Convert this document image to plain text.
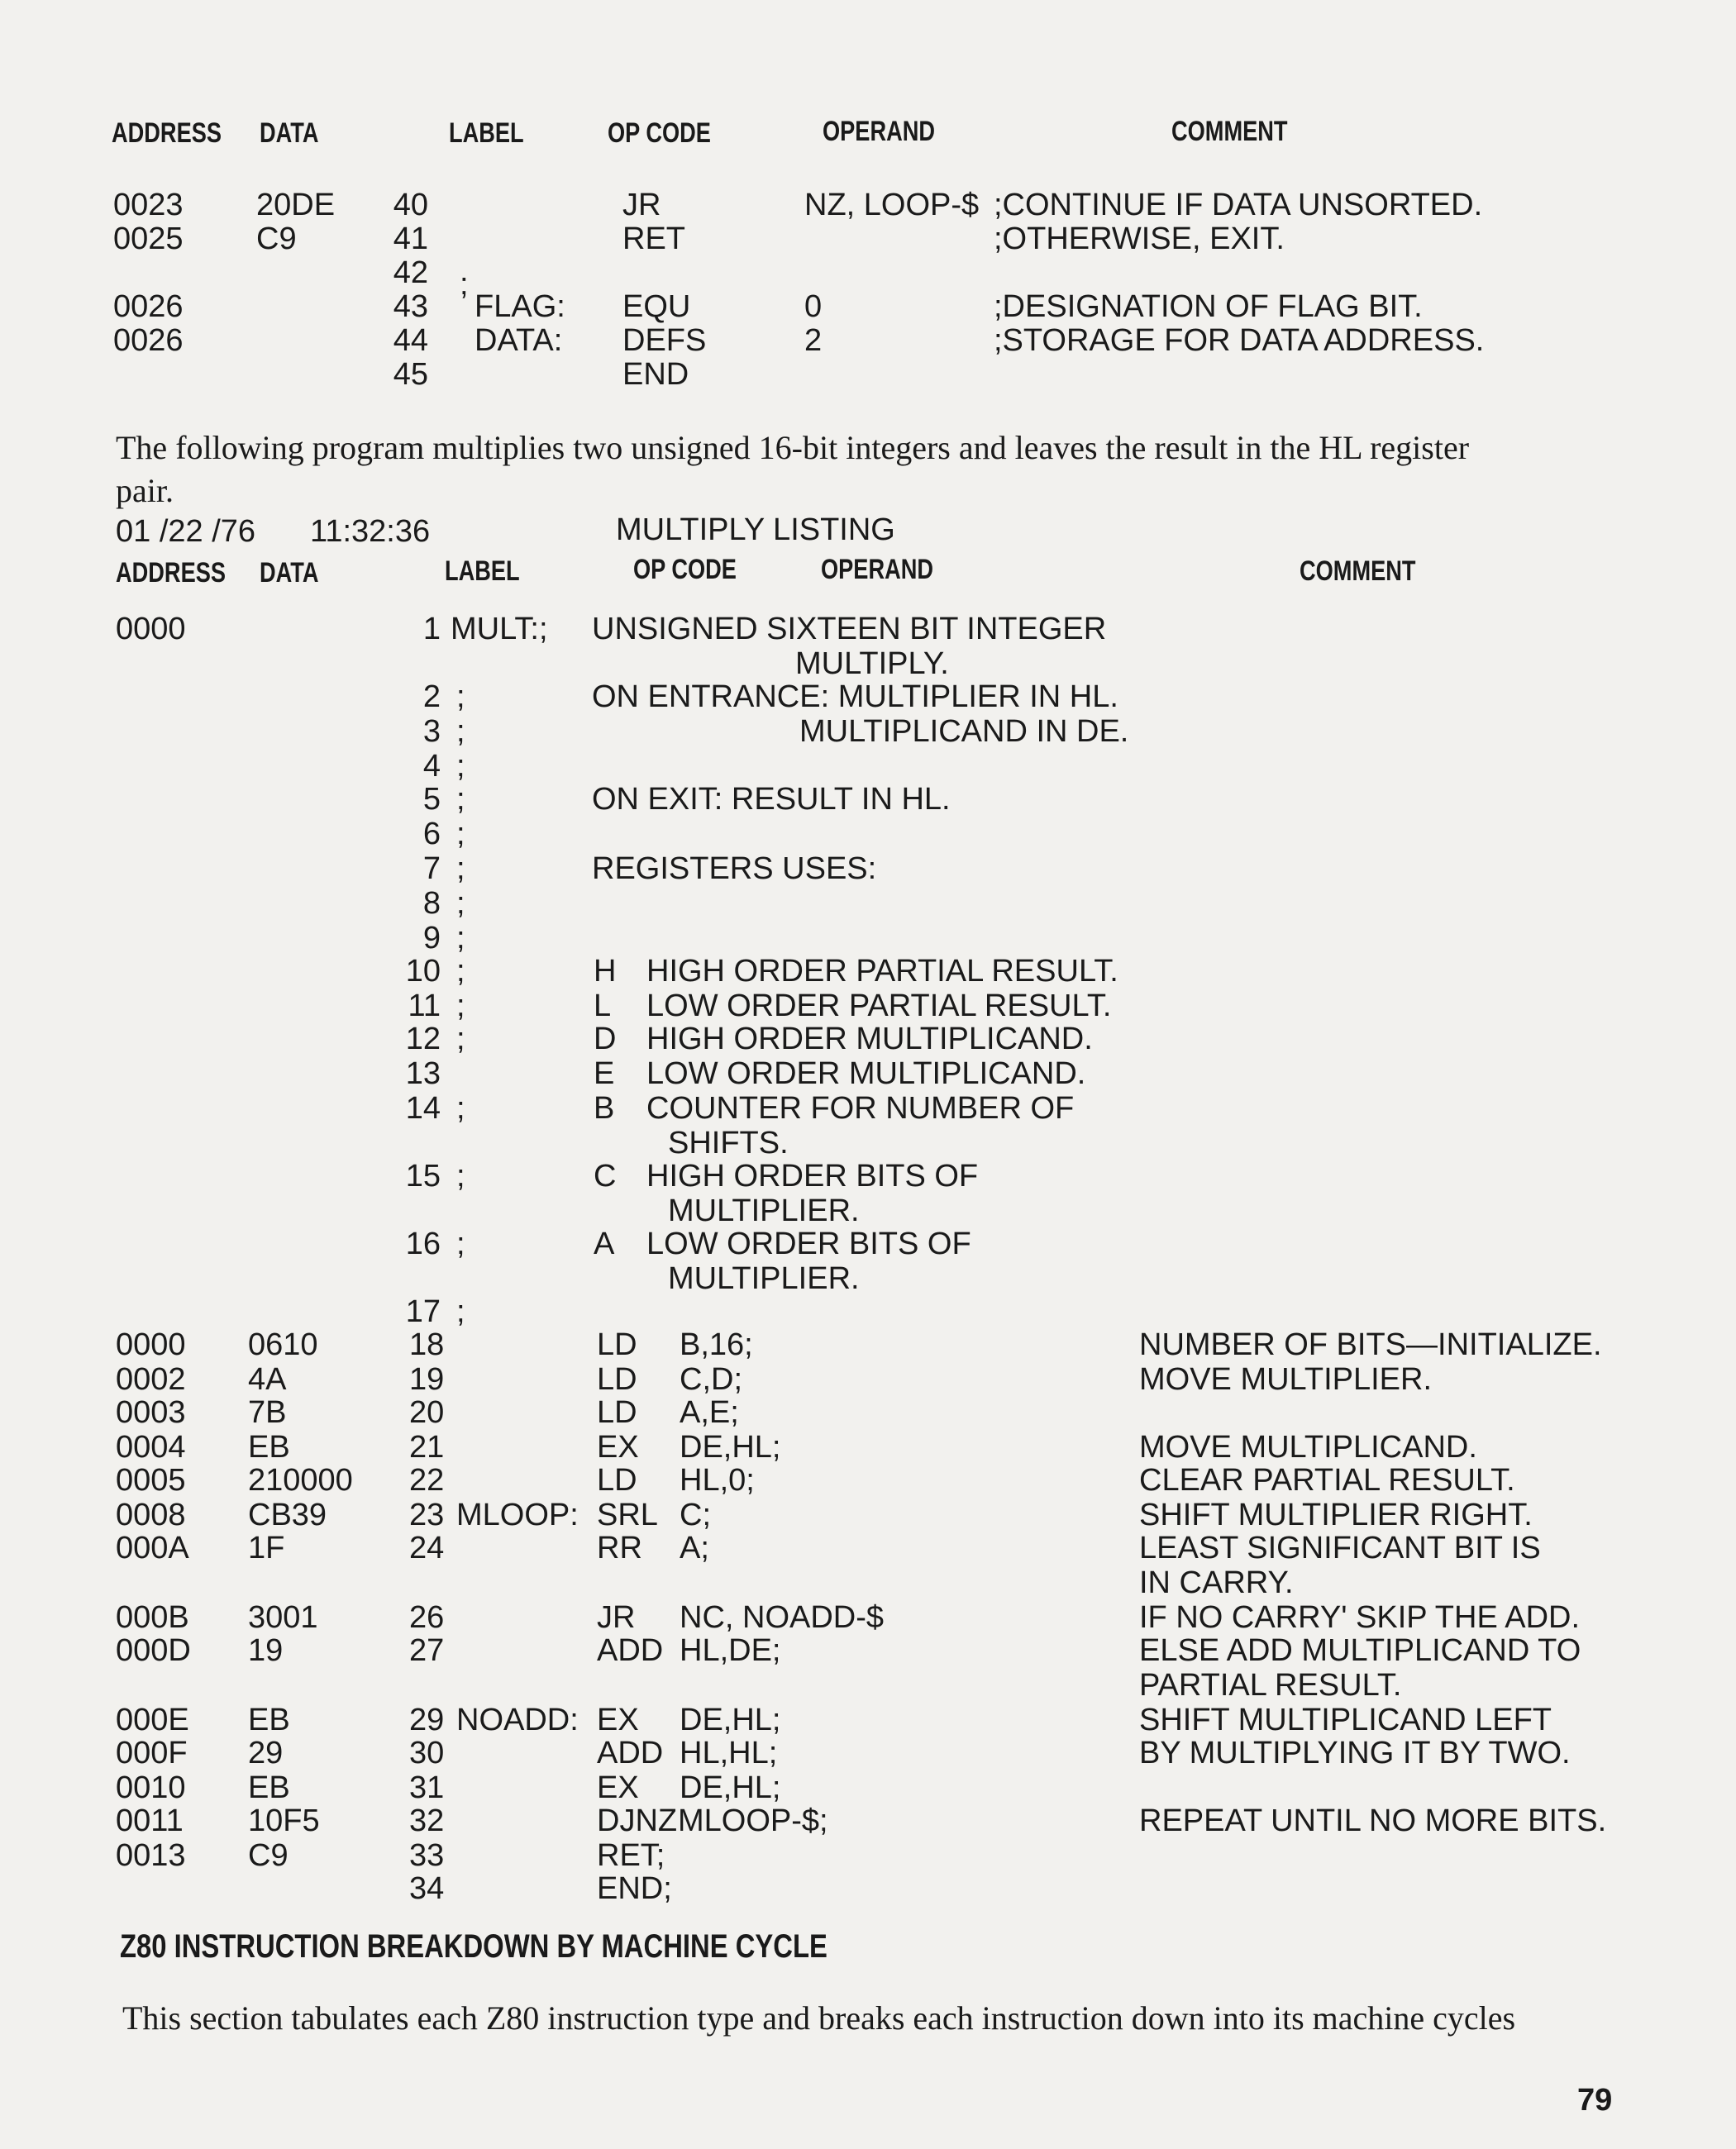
ADDRESS DATA	LABEL	OP CODE	OPERAND	COMMENT
0023 20DE 40	JR	NZ, LOOP-$ ;CONTINUE IF DATA UNSORTED.
0025 C9	41	RET	;OTHERWISE, EXIT.
42 ;
0026	43 FLAG: EQU	0	;DESIGNATION OF FLAG BIT.
0026	44 DATA: DEFS	2	;STORAGE FOR DATA ADDRESS.
45	END
The following program multiplies two unsigned 16-bit integers and leaves the result in the HL register
pair.
01 /22 /76 11:32:36	MULTIPLY LISTING
ADDRESS DATA	LABEL	OP CODE	OPERAND	COMMENT
0000	1 MULT:; UNSIGNED SIXTEEN BIT INTEGER
MULTIPLY.
2 ;	ON ENTRANCE: MULTIPLIER IN HL.
3 ;	MULTIPLICAND IN DE.
4 ;
5 ;	ON EXIT: RESULT IN HL.
6 ;
7 ;	REGISTERS USES:
8 ;
9 ;
10 ;	H HIGH ORDER PARTIAL RESULT.
11 ;	L LOW ORDER PARTIAL RESULT.
12 ;	D HIGH ORDER MULTIPLICAND.
13	E LOW ORDER MULTIPLICAND.
14 ;	B COUNTER FOR NUMBER OF
SHIFTS.
15 ;	C HIGH ORDER BITS OF
MULTIPLIER.
16 ;	A LOW ORDER BITS OF
MULTIPLIER.
17 ;
0000 0610	18	LD B,16;	NUMBER OF BITS—INITIALIZE.
0002 4A	19	LD C,D;	MOVE MULTIPLIER.
0003 7B	20	LD A,E;
0004 EB	21	EX DE,HL;	MOVE MULTIPLICAND.
0005 210000 22	LD HL,0;	CLEAR PARTIAL RESULT.
0008 CB39	23 MLOOP: SRL C;	SHIFT MULTIPLIER RIGHT.
000A 1F	24	RR A;	LEAST SIGNIFICANT BIT IS
IN CARRY.
000B 3001	26	JR NC, NOADD-$	IF NO CARRY' SKIP THE ADD.
000D 19	27	ADD HL,DE;	ELSE ADD MULTIPLICAND TO
PARTIAL RESULT.
000E EB	29 NOADD: EX DE,HL;	SHIFT MULTIPLICAND LEFT
000F 29	30	ADD HL,HL;	BY MULTIPLYING IT BY TWO.
0010 EB	31	EX DE,HL;
0011 10F5	32	DJNZ MLOOP-$;	REPEAT UNTIL NO MORE BITS.
0013 C9	33	RET;
34	END;
Z80 INSTRUCTION BREAKDOWN BY MACHINE CYCLE
This section tabulates each Z80 instruction type and breaks each instruction down into its machine cycles
79
